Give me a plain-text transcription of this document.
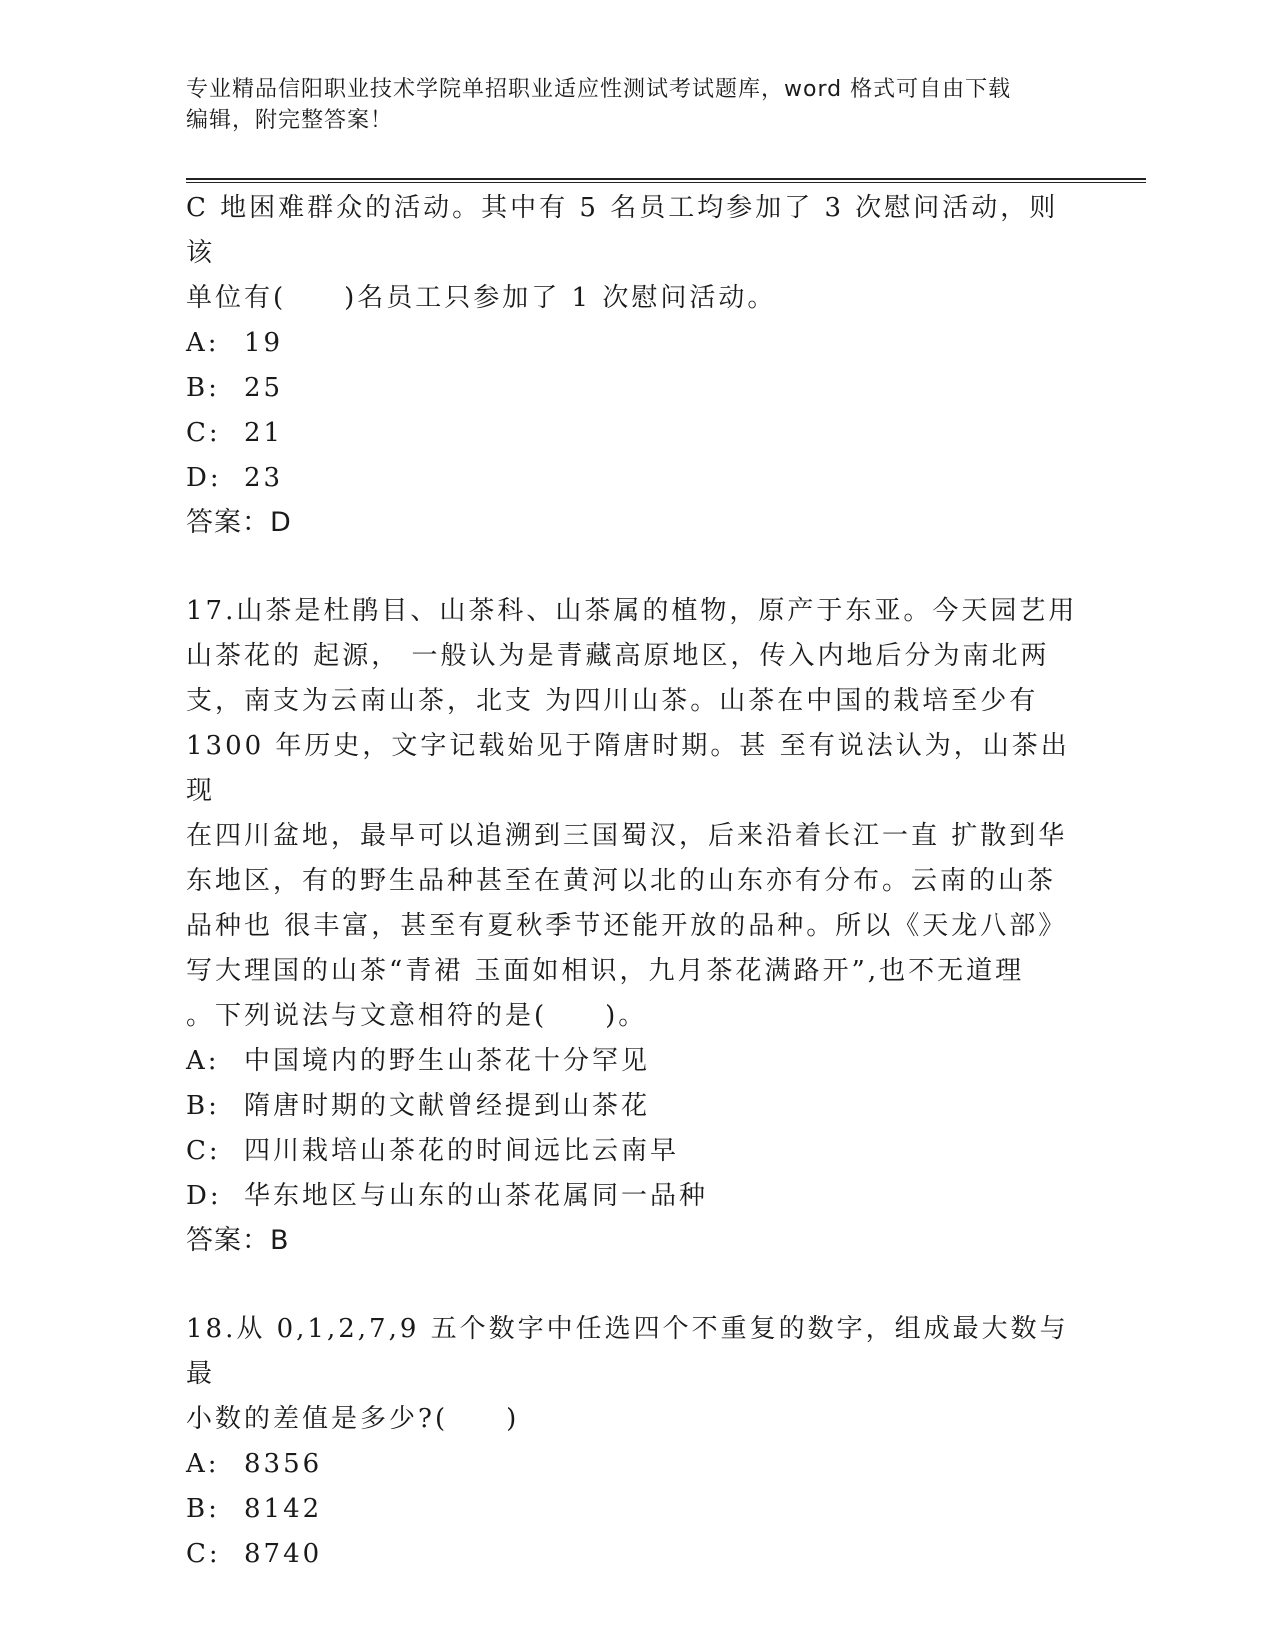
专业精品信阳职业技术学院单招职业适应性测试考试题库，word 格式可自由下载
编辑，附完整答案！
C 地困难群众的活动。其中有 5 名员工均参加了 3 次慰问活动，则该
单位有(　　)名员工只参加了 1 次慰问活动。
A: 19
B: 25
C: 21
D: 23
答案：D
17.山茶是杜鹃目、山茶科、山茶属的植物，原产于东亚。今天园艺用
山茶花的 起源， 一般认为是青藏高原地区，传入内地后分为南北两
支，南支为云南山茶，北支 为四川山茶。山茶在中国的栽培至少有
1300 年历史，文字记载始见于隋唐时期。甚 至有说法认为，山茶出现
在四川盆地，最早可以追溯到三国蜀汉，后来沿着长江一直 扩散到华
东地区，有的野生品种甚至在黄河以北的山东亦有分布。云南的山茶
品种也 很丰富，甚至有夏秋季节还能开放的品种。所以《天龙八部》
写大理国的山茶“青裙 玉面如相识，九月茶花满路开”,也不无道理
。下列说法与文意相符的是(　　)。
A: 中国境内的野生山茶花十分罕见
B: 隋唐时期的文献曾经提到山茶花
C: 四川栽培山茶花的时间远比云南早
D: 华东地区与山东的山茶花属同一品种
答案：B
18.从 0,1,2,7,9 五个数字中任选四个不重复的数字，组成最大数与最
小数的差值是多少?(　　)
A: 8356
B: 8142
C: 8740
